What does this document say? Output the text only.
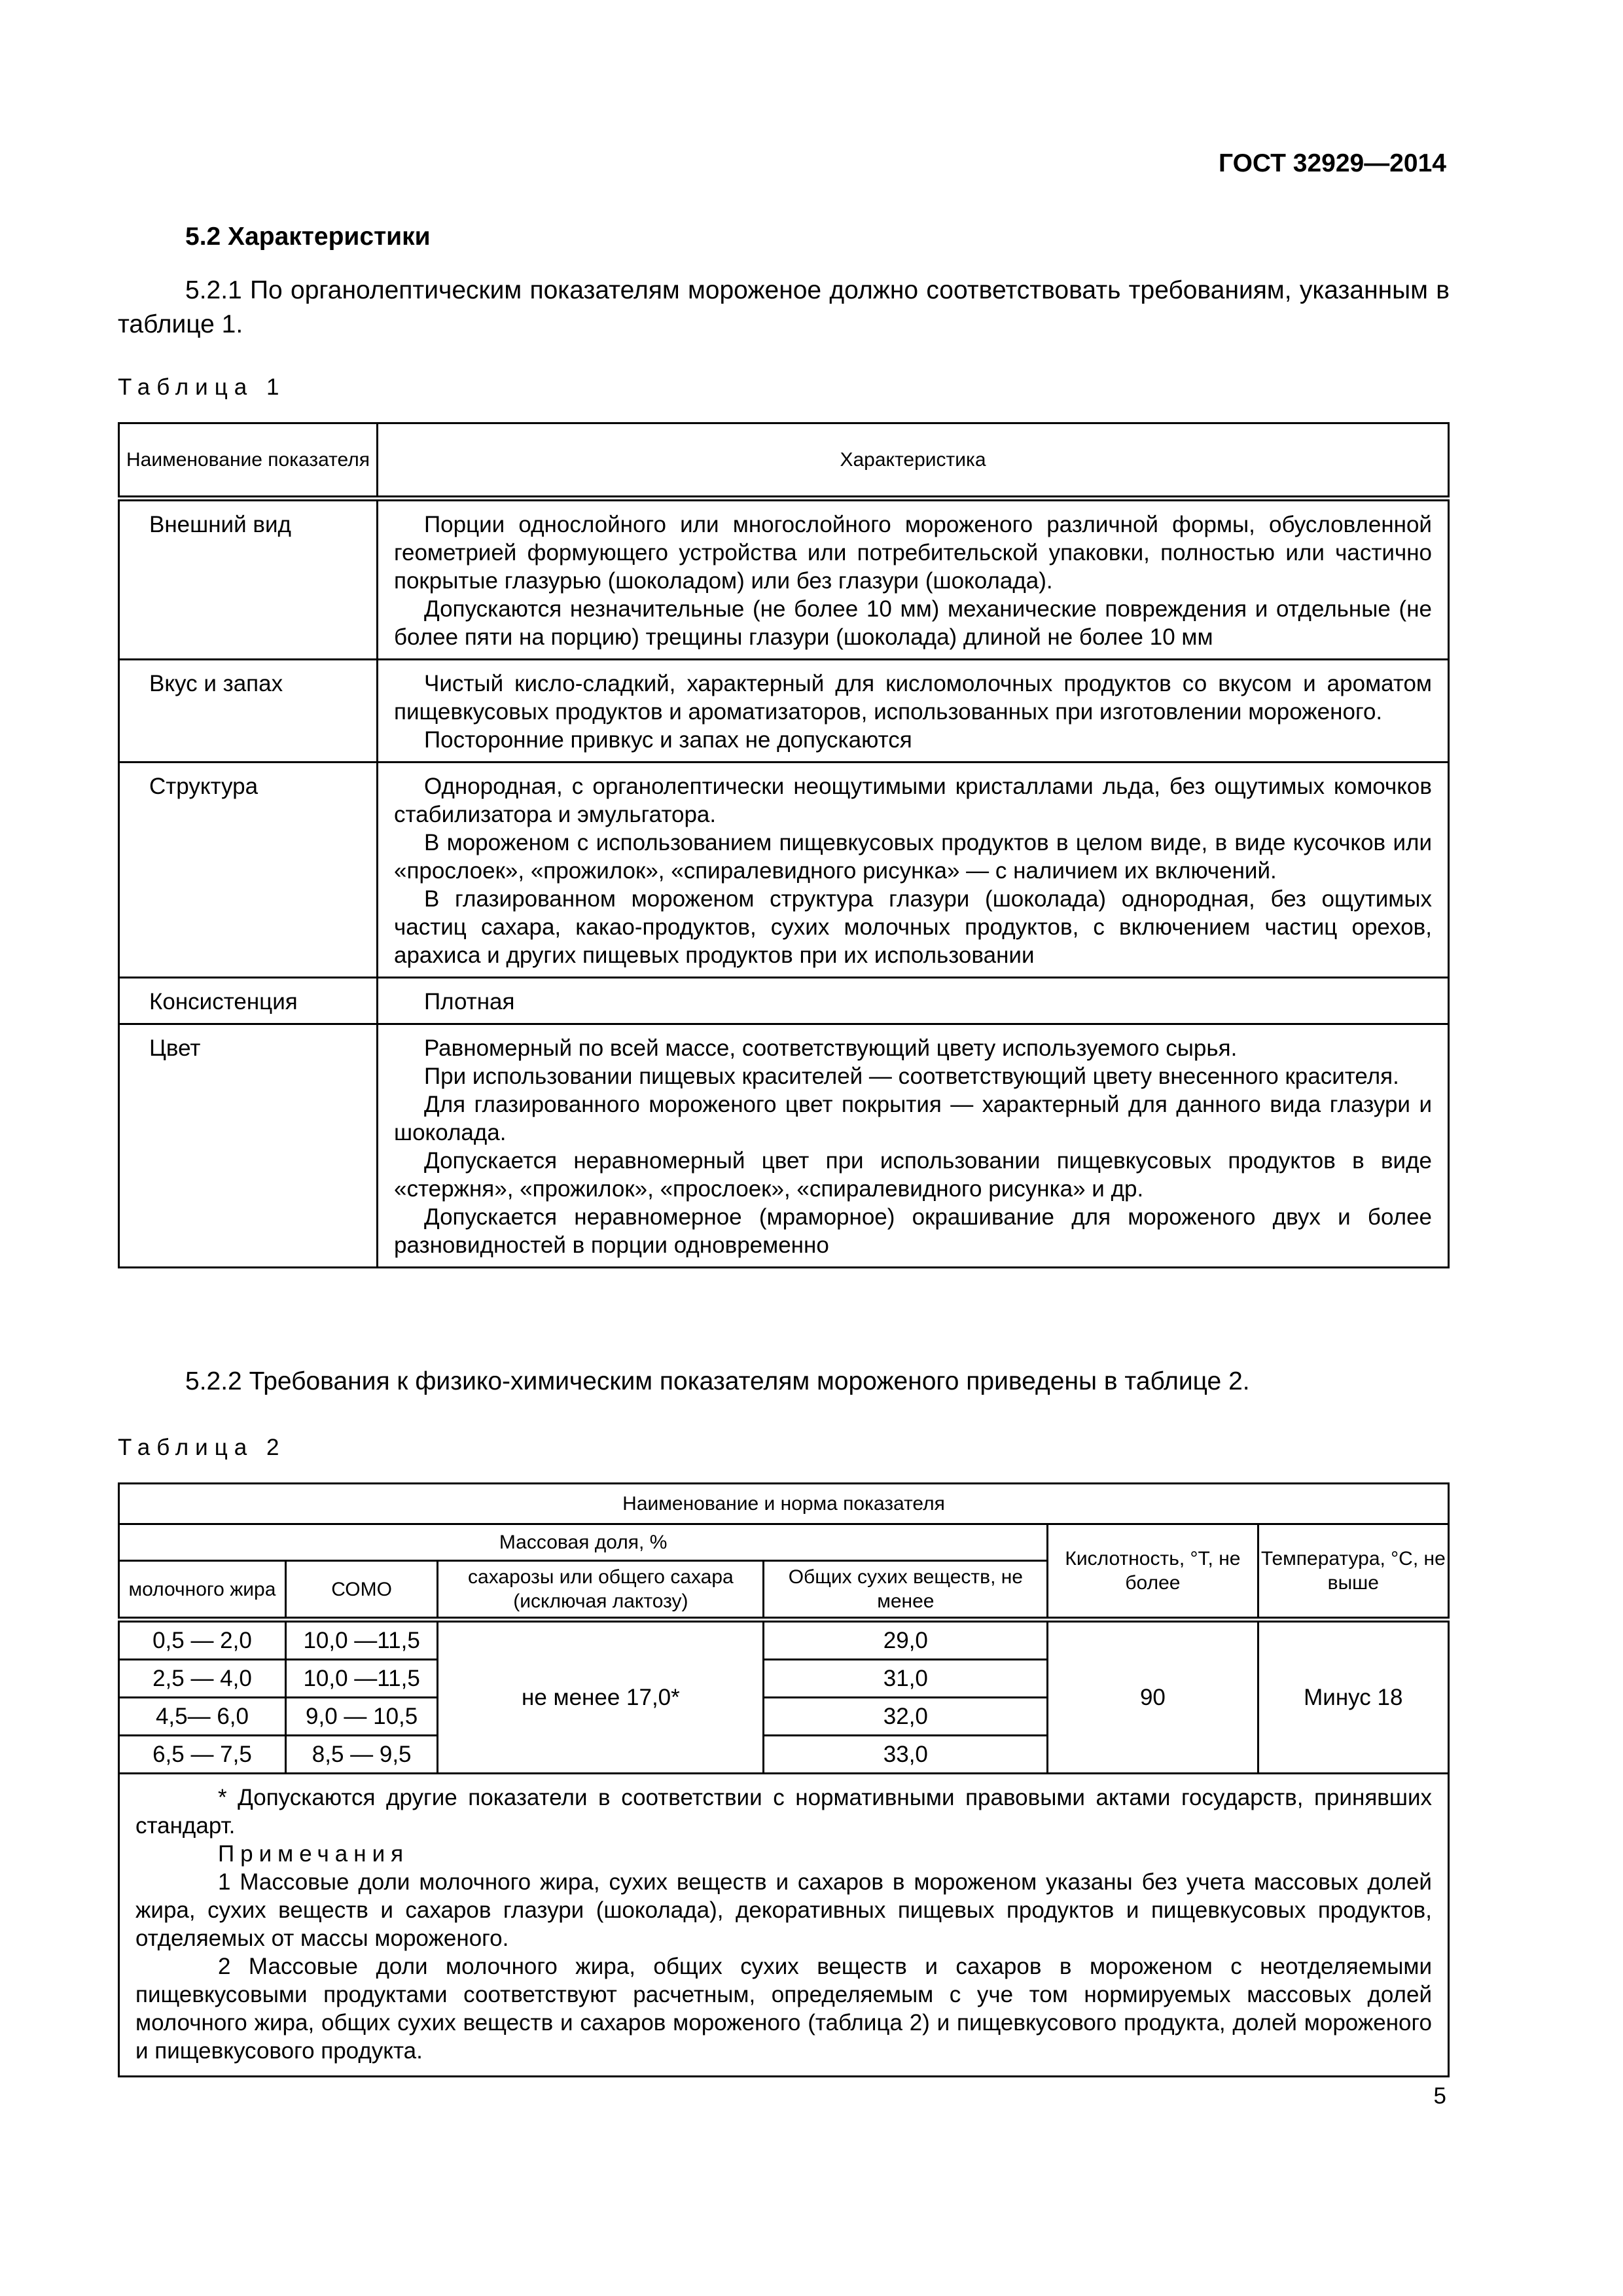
ГОСТ 32929—2014
5.2 Характеристики
5.2.1 По органолептическим показателям мороженое должно соответствовать требованиям, указанным в таблице 1.
Таблица 1
Наименование показателя	Характеристика
Внешний вид	Порции однослойного или многослойного мороженого различной формы, обусловленной геометрией формующего устройства или потребительской упаковки, полностью или частично покрытые глазурью (шоколадом) или без глазури (шоколада).

Допускаются незначительные (не более 10 мм) механические повреждения и отдельные (не более пяти на порцию) трещины глазури (шоколада) длиной не более 10 мм

Вкус и запах	Чистый кисло-сладкий, характерный для кисломолочных продуктов со вкусом и ароматом пищевкусовых продуктов и ароматизаторов, использованных при изготовлении мороженого.

Посторонние привкус и запах не допускаются

Структура	Однородная, с органолептически неощутимыми кристаллами льда, без ощутимых комочков стабилизатора и эмульгатора.

В мороженом с использованием пищевкусовых продуктов в целом виде, в виде кусочков или «прослоек», «прожилок», «спиралевидного рисунка» — с наличием их включений.

В глазированном мороженом структура глазури (шоколада) однородная, без ощутимых частиц сахара, какао-продуктов, сухих молочных продуктов, с включением частиц орехов, арахиса и других пищевых продуктов при их использовании

Консистенция	Плотная

Цвет	Равномерный по всей массе, соответствующий цвету используемого сырья.

При использовании пищевых красителей — соответствующий цвету внесенного красителя.

Для глазированного мороженого цвет покрытия — характерный для данного вида глазури и шоколада.

Допускается неравномерный цвет при использовании пищевкусовых продуктов в виде «стержня», «прожилок», «прослоек», «спиралевидного рисунка» и др.

Допускается неравномерное (мраморное) окрашивание для мороженого двух и более разновидностей в порции одновременно

5.2.2 Требования к физико-химическим показателям мороженого приведены в таблице 2.
Таблица 2
Наименование и норма показателя					
Массовая доля, %				Кислотность, °Т, не более	Температура, °С, не выше
молочного жира	СОМО	сахарозы или общего сахара (исключая лактозу)	Общих сухих веществ, не менее		
0,5 — 2,0	10,0 —11,5	не менее 17,0*	29,0	90	Минус 18
2,5 — 4,0	10,0 —11,5		31,0		
4,5— 6,0	9,0 — 10,5		32,0		
6,5 — 7,5	8,5 — 9,5		33,0		

* Допускаются другие показатели в соответствии с нормативными правовыми актами государств, принявших стандарт.

Примечания

1 Массовые доли молочного жира, сухих веществ и сахаров в мороженом указаны без учета массовых долей жира, сухих веществ и сахаров глазури (шоколада), декоративных пищевых продуктов и пищевкусовых продуктов, отделяемых от массы мороженого.

2 Массовые доли молочного жира, общих сухих веществ и сахаров в мороженом с неотделяемыми пищевкусовыми продуктами соответствуют расчетным, определяемым с уче том нормируемых массовых долей молочного жира, общих сухих веществ и сахаров мороженого (таблица 2) и пищевкусового продукта, долей мороженого и пищевкусового продукта.					

5
